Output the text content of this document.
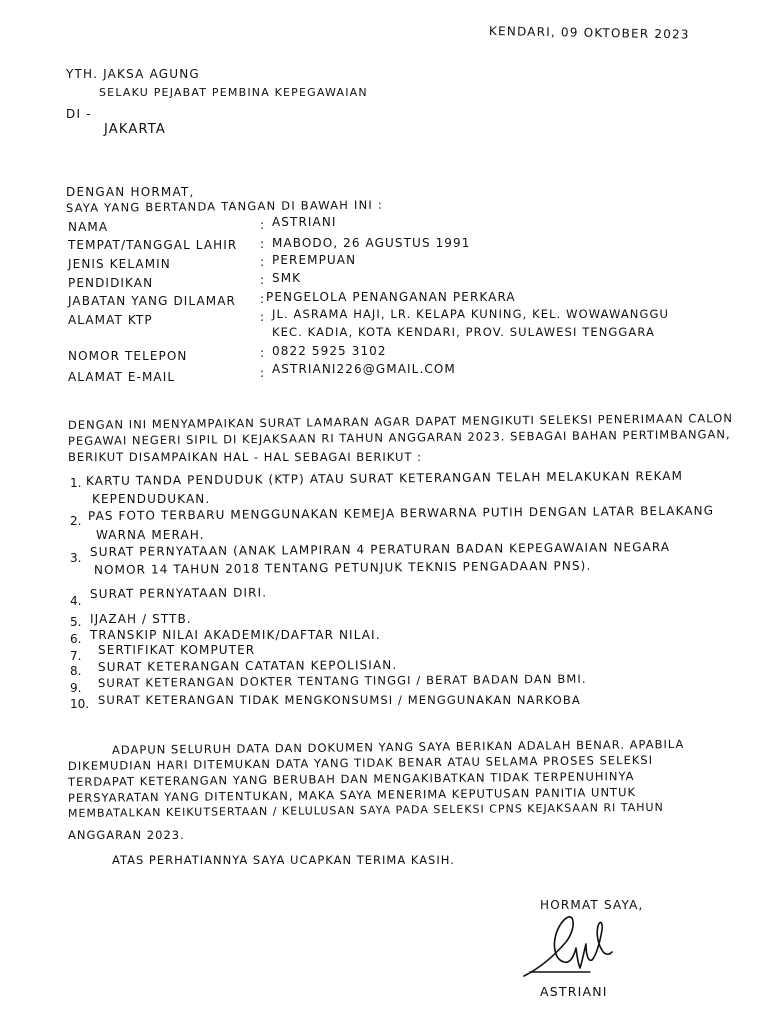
KENDARI, 09 OKTOBER 2023
YTH. JAKSA AGUNG
SELAKU PEJABAT PEMBINA KEPEGAWAIAN
DI -
JAKARTA
DENGAN HORMAT,
SAYA YANG BERTANDA TANGAN DI BAWAH INI :
NAMA	: ASTRIANI
TEMPAT/TANGGAL LAHIR : MABODO, 26 AGUSTUS 1991
JENIS KELAMIN	: PEREMPUAN
PENDIDIKAN	: SMK
JABATAN YANG DILAMAR : PENGELOLA PENANGANAN PERKARA
ALAMAT KTP	: JL. ASRAMA HAJI, LR. KELAPA KUNING, KEL. WOWAWANGGU
KEC. KADIA, KOTA KENDARI, PROV. SULAWESI TENGGARA
NOMOR TELEPON	: 0822 5925 3102
ALAMAT E-MAIL	: ASTRIANI226@GMAIL.COM
DENGAN INI MENYAMPAIKAN SURAT LAMARAN AGAR DAPAT MENGIKUTI SELEKSI PENERIMAAN CALON
PEGAWAI NEGERI SIPIL DI KEJAKSAAN RI TAHUN ANGGARAN 2023. SEBAGAI BAHAN PERTIMBANGAN,
BERIKUT DISAMPAIKAN HAL - HAL SEBAGAI BERIKUT :
1. KARTU TANDA PENDUDUK (KTP) ATAU SURAT KETERANGAN TELAH MELAKUKAN REKAM
KEPENDUDUKAN.
2. PAS FOTO TERBARU MENGGUNAKAN KEMEJA BERWARNA PUTIH DENGAN LATAR BELAKANG
WARNA MERAH.
3. SURAT PERNYATAAN (ANAK LAMPIRAN 4 PERATURAN BADAN KEPEGAWAIAN NEGARA
NOMOR 14 TAHUN 2018 TENTANG PETUNJUK TEKNIS PENGADAAN PNS).
4.
SURAT PERNYATAAN DIRI.
5. IJAZAH / STTB.
6. TRANSKIP NILAI AKADEMIK/DAFTAR NILAI.
7. SERTIFIKAT KOMPUTER
8. SURAT KETERANGAN CATATAN KEPOLISIAN.
9. SURAT KETERANGAN DOKTER TENTANG TINGGI / BERAT BADAN DAN BMI.
10. SURAT KETERANGAN TIDAK MENGKONSUMSI / MENGGUNAKAN NARKOBA
ADAPUN SELURUH DATA DAN DOKUMEN YANG SAYA BERIKAN ADALAH BENAR. APABILA
DIKEMUDIAN HARI DITEMUKAN DATA YANG TIDAK BENAR ATAU SELAMA PROSES SELEKSI
TERDAPAT KETERANGAN YANG BERUBAH DAN MENGAKIBATKAN TIDAK TERPENUHINYA
PERSYARATAN YANG DITENTUKAN, MAKA SAYA MENERIMA KEPUTUSAN PANITIA UNTUK
MEMBATALKAN KEIKUTSERTAAN / KELULUSAN SAYA PADA SELEKSI CPNS KEJAKSAAN RI TAHUN
ANGGARAN 2023.
ATAS PERHATIANNYA SAYA UCAPKAN TERIMA KASIH.
HORMAT SAYA,
ASTRIANI
